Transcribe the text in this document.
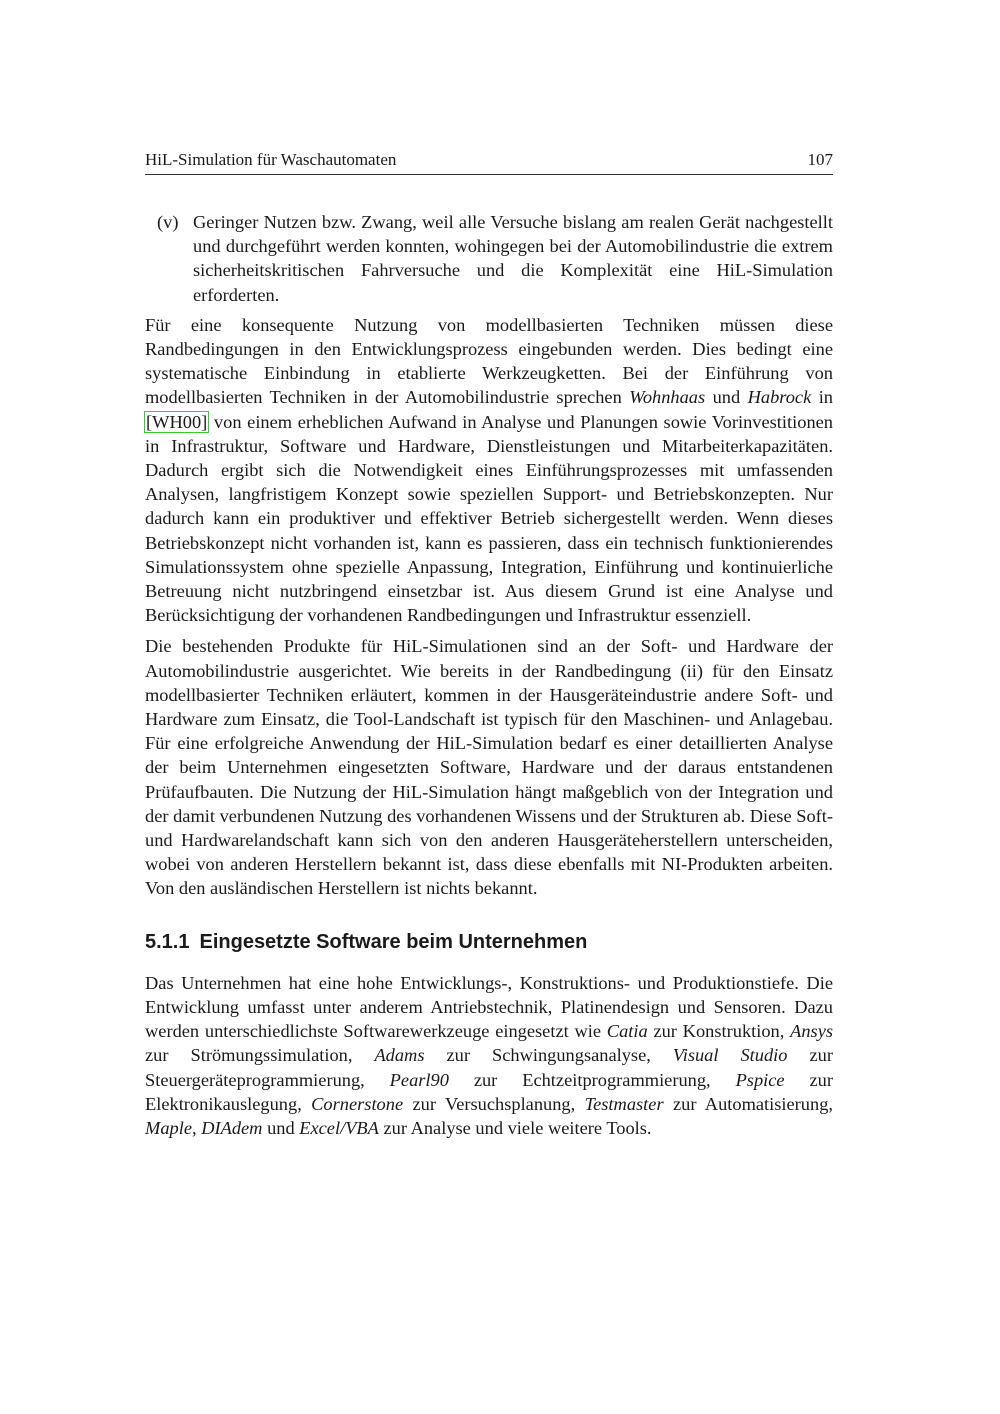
HiL-Simulation für Waschautomaten	107
(v) Geringer Nutzen bzw. Zwang, weil alle Versuche bislang am realen Gerät nachgestellt und durchgeführt werden konnten, wohingegen bei der Automobilindustrie die extrem sicherheitskritischen Fahrversuche und die Komplexität eine HiL-Simulation erforderten.

Für eine konsequente Nutzung von modellbasierten Techniken müssen diese Randbedingungen in den Entwicklungsprozess eingebunden werden. Dies bedingt eine systematische Einbindung in etablierte Werkzeugketten. Bei der Einführung von modellbasierten Techniken in der Automobilindustrie sprechen Wohnhaas und Habrock in [WH00] von einem erheblichen Aufwand in Analyse und Planungen sowie Vorinvestitionen in Infrastruktur, Software und Hardware, Dienstleistungen und Mitarbeiterkapazitäten. Dadurch ergibt sich die Notwendigkeit eines Einführungsprozesses mit umfassenden Analysen, langfristigem Konzept sowie speziellen Support- und Betriebskonzepten. Nur dadurch kann ein produktiver und effektiver Betrieb sichergestellt werden. Wenn dieses Betriebskonzept nicht vorhanden ist, kann es passieren, dass ein technisch funktionierendes Simulationssystem ohne spezielle Anpassung, Integration, Einführung und kontinuierliche Betreuung nicht nutzbringend einsetzbar ist. Aus diesem Grund ist eine Analyse und Berücksichtigung der vorhandenen Randbedingungen und Infrastruktur essenziell.

Die bestehenden Produkte für HiL-Simulationen sind an der Soft- und Hardware der Automobilindustrie ausgerichtet. Wie bereits in der Randbedingung (ii) für den Einsatz modellbasierter Techniken erläutert, kommen in der Hausgeräteindustrie andere Soft- und Hardware zum Einsatz, die Tool-Landschaft ist typisch für den Maschinen- und Anlagebau. Für eine erfolgreiche Anwendung der HiL-Simulation bedarf es einer detaillierten Analyse der beim Unternehmen eingesetzten Software, Hardware und der daraus entstandenen Prüfaufbauten. Die Nutzung der HiL-Simulation hängt maßgeblich von der Integration und der damit verbundenen Nutzung des vorhandenen Wissens und der Strukturen ab. Diese Soft- und Hardwarelandschaft kann sich von den anderen Hausgeräteherstellern unterscheiden, wobei von anderen Herstellern bekannt ist, dass diese ebenfalls mit NI-Produkten arbeiten. Von den ausländischen Herstellern ist nichts bekannt.

5.1.1 Eingesetzte Software beim Unternehmen

Das Unternehmen hat eine hohe Entwicklungs-, Konstruktions- und Produktionstiefe. Die Entwicklung umfasst unter anderem Antriebstechnik, Platinendesign und Sensoren. Dazu werden unterschiedlichste Softwarewerkzeuge eingesetzt wie Catia zur Konstruktion, Ansys zur Strömungssimulation, Adams zur Schwingungsanalyse, Visual Studio zur Steuergeräteprogrammierung, Pearl90 zur Echtzeitprogrammierung, Pspice zur Elektronikauslegung, Cornerstone zur Versuchsplanung, Testmaster zur Automatisierung, Maple, DIAdem und Excel/VBA zur Analyse und viele weitere Tools.
